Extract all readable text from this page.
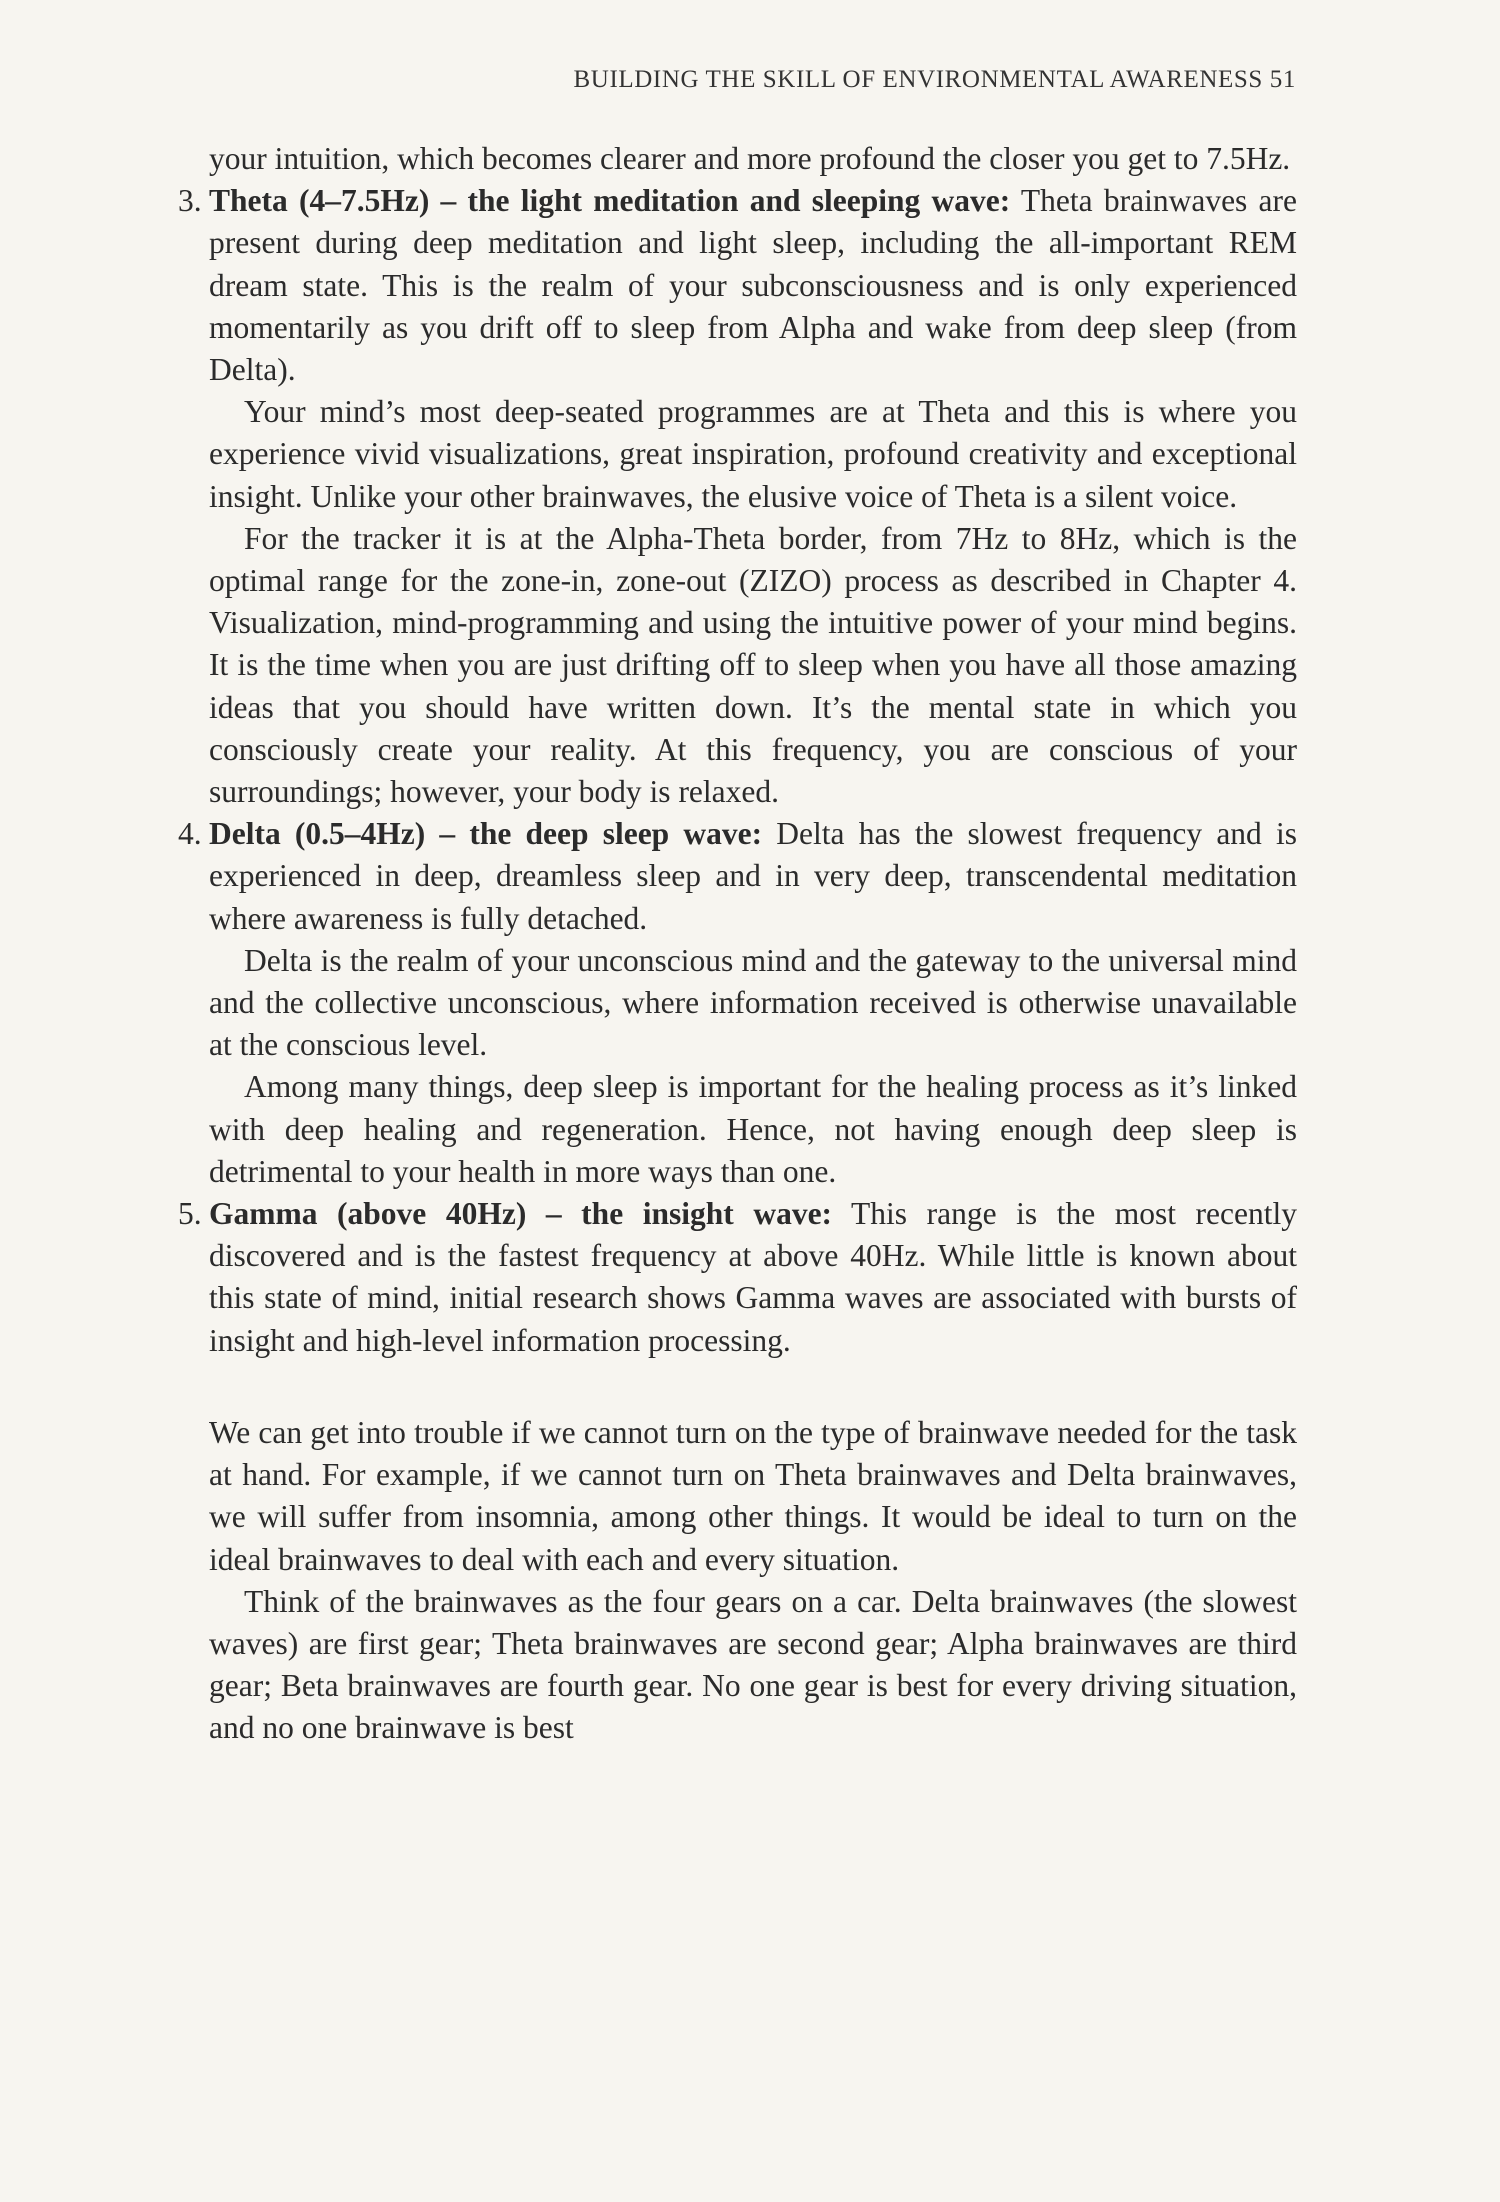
BUILDING THE SKILL OF ENVIRONMENTAL AWARENESS 51

your intuition, which becomes clearer and more profound the closer you get to 7.5Hz.

3. Theta (4–7.5Hz) – the light meditation and sleeping wave: Theta brainwaves are present during deep meditation and light sleep, including the all-important REM dream state. This is the realm of your subconsciousness and is only experienced momentarily as you drift off to sleep from Alpha and wake from deep sleep (from Delta).

Your mind’s most deep-seated programmes are at Theta and this is where you experience vivid visualizations, great inspiration, profound creativity and exceptional insight. Unlike your other brainwaves, the elusive voice of Theta is a silent voice.

For the tracker it is at the Alpha-Theta border, from 7Hz to 8Hz, which is the optimal range for the zone-in, zone-out (ZIZO) process as described in Chapter 4. Visualization, mind-programming and using the intuitive power of your mind begins. It is the time when you are just drifting off to sleep when you have all those amazing ideas that you should have written down. It’s the mental state in which you consciously create your reality. At this frequency, you are conscious of your surroundings; however, your body is relaxed.

4. Delta (0.5–4Hz) – the deep sleep wave: Delta has the slowest frequency and is experienced in deep, dreamless sleep and in very deep, transcendental meditation where awareness is fully detached.

Delta is the realm of your unconscious mind and the gateway to the universal mind and the collective unconscious, where information received is otherwise unavailable at the conscious level.

Among many things, deep sleep is important for the healing process as it’s linked with deep healing and regeneration. Hence, not having enough deep sleep is detrimental to your health in more ways than one.

5. Gamma (above 40Hz) – the insight wave: This range is the most recently discovered and is the fastest frequency at above 40Hz. While little is known about this state of mind, initial research shows Gamma waves are associated with bursts of insight and high-level information processing.

We can get into trouble if we cannot turn on the type of brainwave needed for the task at hand. For example, if we cannot turn on Theta brainwaves and Delta brainwaves, we will suffer from insomnia, among other things. It would be ideal to turn on the ideal brainwaves to deal with each and every situation.

Think of the brainwaves as the four gears on a car. Delta brainwaves (the slowest waves) are first gear; Theta brainwaves are second gear; Alpha brainwaves are third gear; Beta brainwaves are fourth gear. No one gear is best for every driving situation, and no one brainwave is best
